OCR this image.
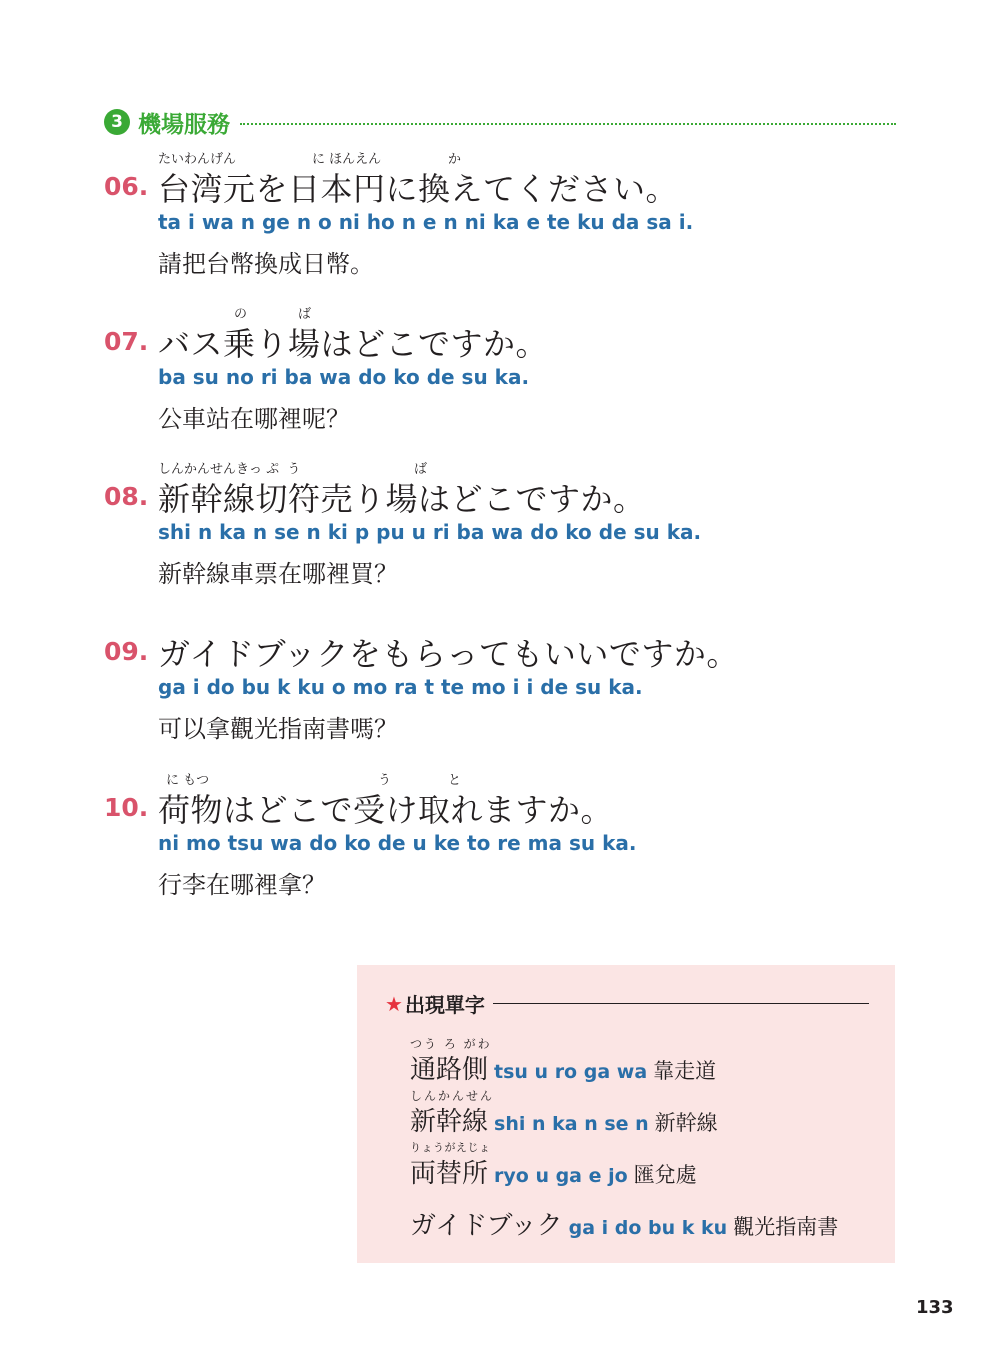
3 機場服務
たいわんげん	に ほんえん	か
06. 台湾元を日本円に換えてください。
ta i wa n ge n o ni ho n e n ni ka e te ku da sa i.
請把台幣換成日幣。
の	ば
07. バス乗り場はどこですか。
ba su no ri ba wa do ko de su ka.
公車站在哪裡呢？
しんかんせんきっ ぷ  う	ば
08. 新幹線切符売り場はどこですか。
shi n ka n se n ki p pu u ri ba wa do ko de su ka.
新幹線車票在哪裡買？
09. ガイドブックをもらってもいいですか。
ga i do bu k ku o mo ra t te mo i i de su ka.
可以拿觀光指南書嗎？
に もつ	う	と
10. 荷物はどこで受け取れますか。
ni mo tsu wa do ko de u ke to re ma su ka.
行李在哪裡拿？
★ 出現單字
つう ろ がわ
通路側 tsu u ro ga wa 靠走道
しんかんせん
新幹線 shi n ka n se n 新幹線
りょうがえじょ
両替所 ryo u ga e jo 匯兌處
ガイドブック ga i do bu k ku 觀光指南書
133
